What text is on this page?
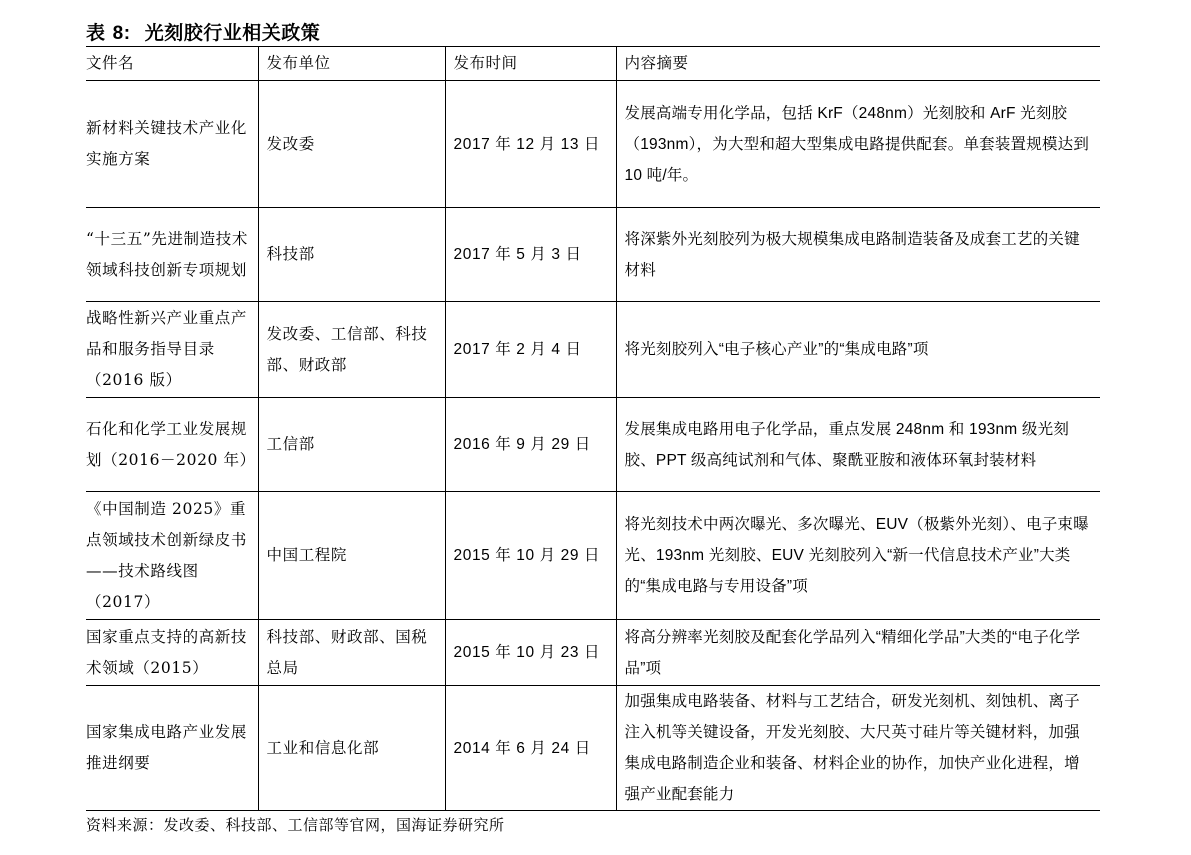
表 8: 光刻胶行业相关政策
文件名	发布单位	发布时间	内容摘要

新材料关键技术产业化实施方案	发改委	2017 年 12 月 13 日	发展高端专用化学品，包括 KrF（248nm）光刻胶和 ArF 光刻胶（193nm），为大型和超大型集成电路提供配套。单套装置规模达到 10 吨/年。

“十三五”先进制造技术领域科技创新专项规划	科技部	2017 年 5 月 3 日	将深紫外光刻胶列为极大规模集成电路制造装备及成套工艺的关键材料

战略性新兴产业重点产品和服务指导目录（2016 版）	发改委、工信部、科技部、财政部	2017 年 2 月 4 日	将光刻胶列入“电子核心产业”的“集成电路”项

石化和化学工业发展规划（2016－2020 年）	工信部	2016 年 9 月 29 日	发展集成电路用电子化学品，重点发展 248nm 和 193nm 级光刻胶、PPT 级高纯试剂和气体、聚酰亚胺和液体环氧封装材料

《中国制造 2025》重点领域技术创新绿皮书——技术路线图（2017）	中国工程院	2015 年 10 月 29 日	将光刻技术中两次曝光、多次曝光、EUV（极紫外光刻）、电子束曝光、193nm 光刻胶、EUV 光刻胶列入“新一代信息技术产业”大类的“集成电路与专用设备”项

国家重点支持的高新技术领域（2015）	科技部、财政部、国税总局	2015 年 10 月 23 日	将高分辨率光刻胶及配套化学品列入“精细化学品”大类的“电子化学品”项

国家集成电路产业发展推进纲要	工业和信息化部	2014 年 6 月 24 日	加强集成电路装备、材料与工艺结合，研发光刻机、刻蚀机、离子注入机等关键设备，开发光刻胶、大尺英寸硅片等关键材料，加强集成电路制造企业和装备、材料企业的协作，加快产业化进程，增强产业配套能力
资料来源：发改委、科技部、工信部等官网，国海证券研究所
